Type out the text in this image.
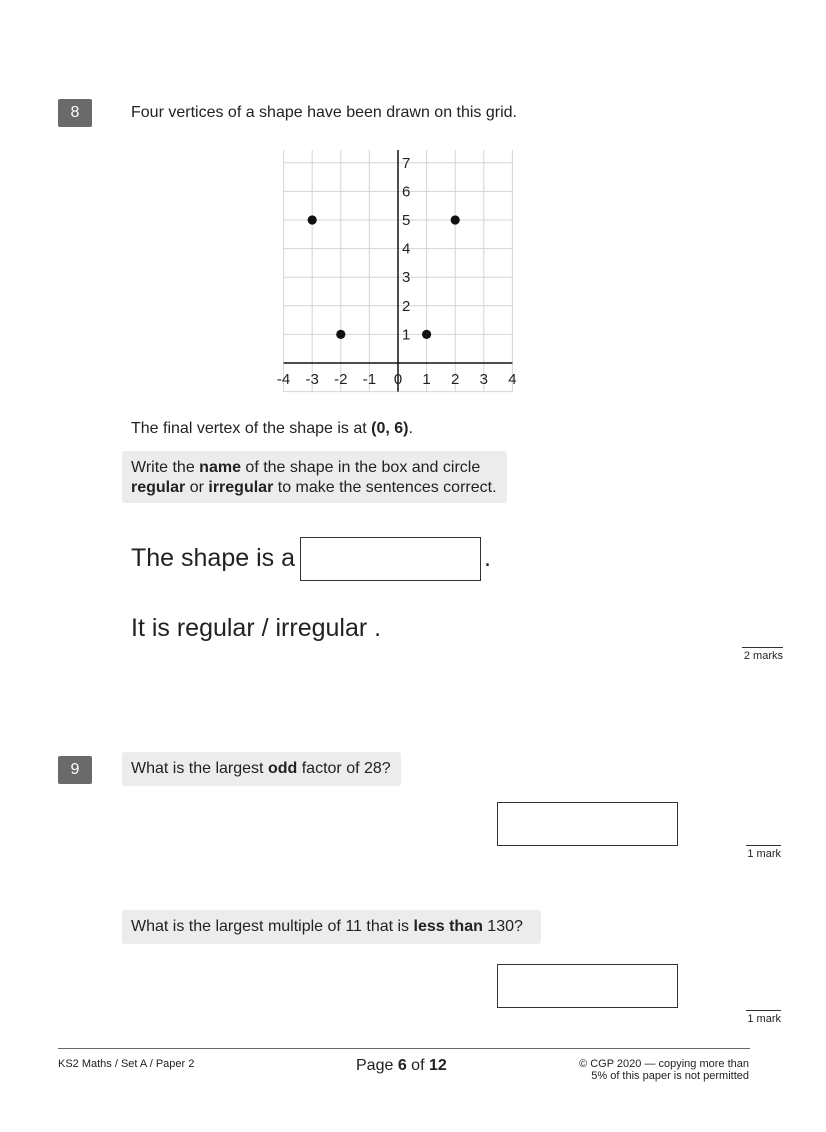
8	Four vertices of a shape have been drawn on this grid.
-4 -3 -2 -1 0 1 2 3 4
1
2
3
4
5
6
7
The final vertex of the shape is at (0, 6).
Write the name of the shape in the box and circle
regular or irregular to make the sentences correct.
The shape is a	.
It is regular / irregular .
2 marks
9	What is the largest odd factor of 28?
1 mark
What is the largest multiple of 11 that is less than 130?
1 mark
KS2 Maths / Set A / Paper 2	Page 6 of 12	© CGP 2020 — copying more than
5% of this paper is not permitted
